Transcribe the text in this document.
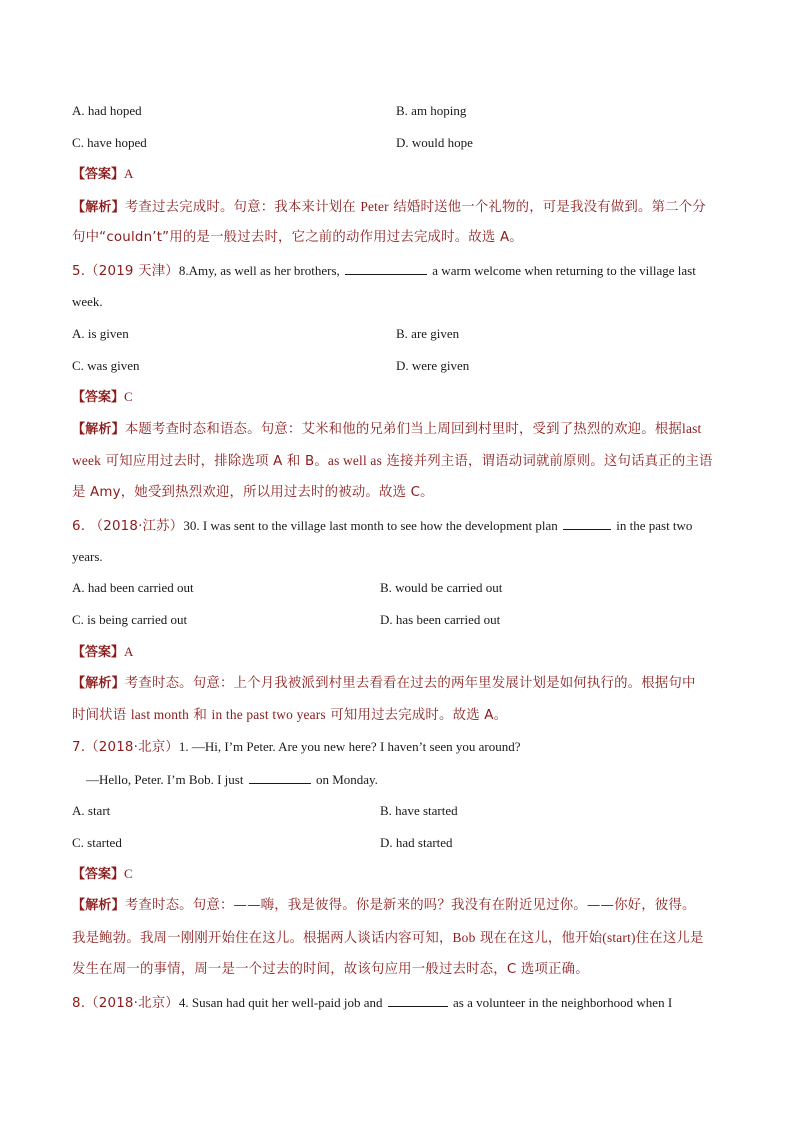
A. had hoped	B. am hoping
C. have hoped	D. would hope
【答案】A
【解析】考查过去完成时。句意：我本来计划在 Peter 结婚时送他一个礼物的，可是我没有做到。第二个分
句中“couldn’t”用的是一般过去时，它之前的动作用过去完成时。故选 A。
5.（2019 天津）8.Amy, as well as her brothers,	a warm welcome when returning to the village last
week.
A. is given	B. are given
C. was given	D. were given
【答案】C
【解析】本题考查时态和语态。句意：艾米和他的兄弟们当上周回到村里时，受到了热烈的欢迎。根据last
week 可知应用过去时，排除选项 A 和 B。as well as 连接并列主语，谓语动词就前原则。这句话真正的主语
是 Amy，她受到热烈欢迎，所以用过去时的被动。故选 C。
6. （2018·江苏）30. I was sent to the village last month to see how the development plan	in the past two
years.
A. had been carried out	B. would be carried out
C. is being carried out	D. has been carried out
【答案】A
【解析】考查时态。句意：上个月我被派到村里去看看在过去的两年里发展计划是如何执行的。根据句中
时间状语 last month 和 in the past two years 可知用过去完成时。故选 A。
7.（2018·北京）1. —Hi, I’m Peter. Are you new here? I haven’t seen you around?
—Hello, Peter. I’m Bob. I just	on Monday.
A. start	B. have started
C. started	D. had started
【答案】C
【解析】考查时态。句意：——嗨，我是彼得。你是新来的吗？我没有在附近见过你。——你好，彼得。
我是鲍勃。我周一刚刚开始住在这儿。根据两人谈话内容可知，Bob 现在在这儿，他开始(start)住在这儿是
发生在周一的事情，周一是一个过去的时间，故该句应用一般过去时态，C 选项正确。
8.（2018·北京）4. Susan had quit her well-paid job and	as a volunteer in the neighborhood when I
